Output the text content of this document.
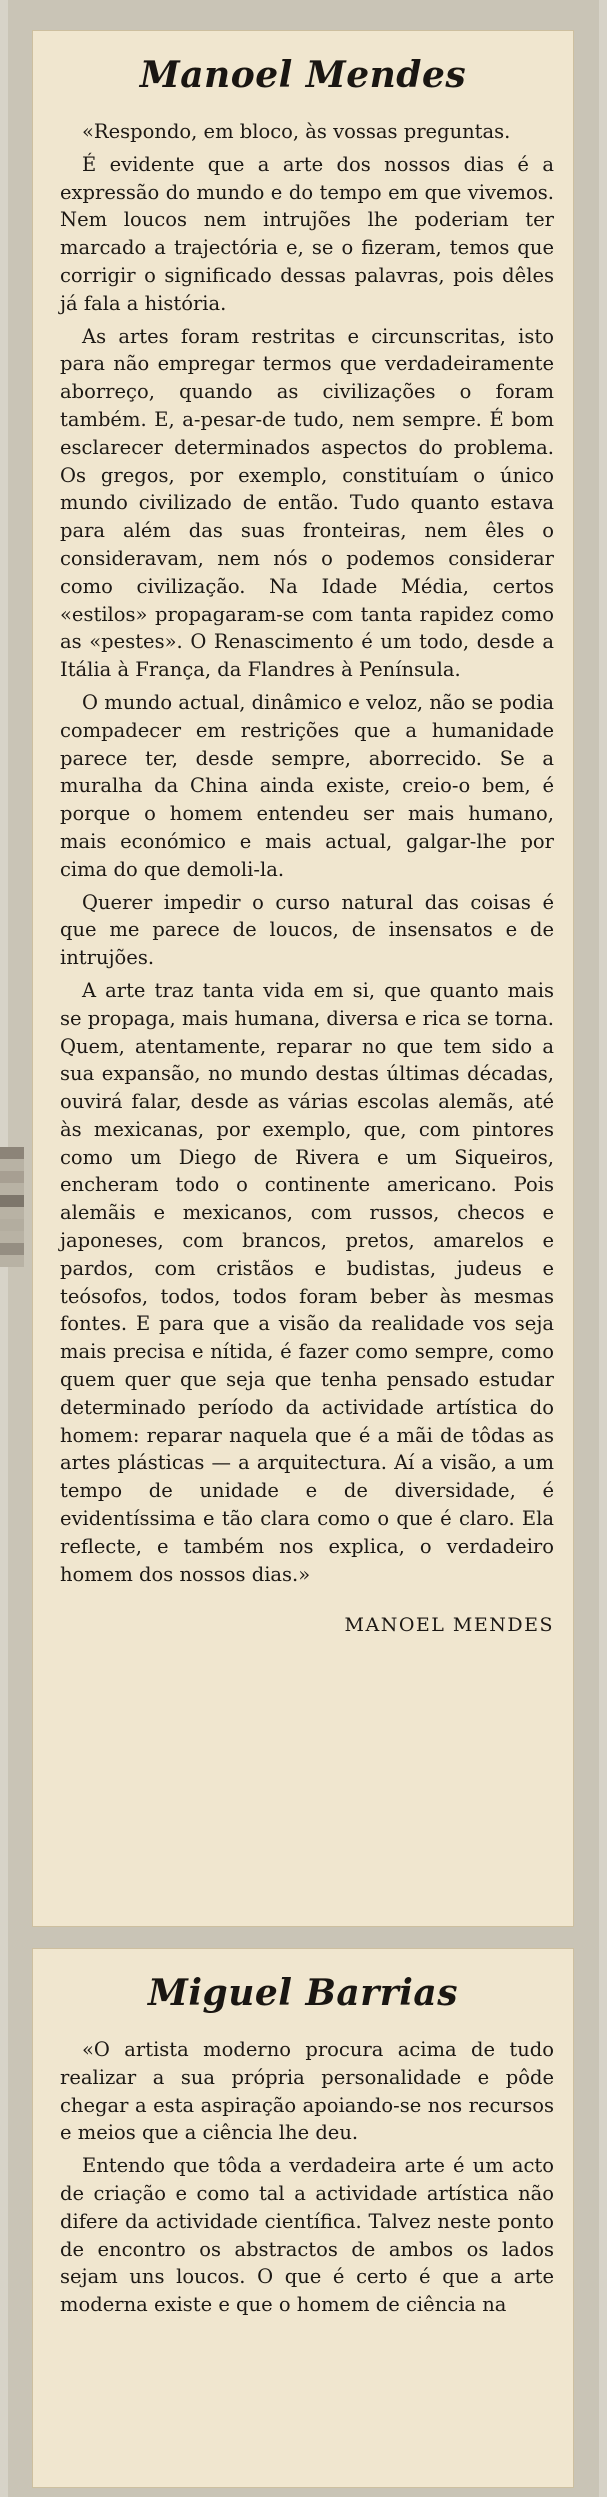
Manoel Mendes

«Respondo, em bloco, às vossas preguntas.

É evidente que a arte dos nossos dias é a expressão do mundo e do tempo em que vivemos. Nem loucos nem intrujões lhe poderiam ter marcado a trajectória e, se o fizeram, temos que corrigir o significado dessas palavras, pois dêles já fala a história.

As artes foram restritas e circunscritas, isto para não empregar termos que verdadeiramente aborreço, quando as civilizações o foram também. E, a-pesar-de tudo, nem sempre. É bom esclarecer determinados aspectos do problema. Os gregos, por exemplo, constituíam o único mundo civilizado de então. Tudo quanto estava para além das suas fronteiras, nem êles o consideravam, nem nós o podemos considerar como civilização. Na Idade Média, certos «estilos» propagaram-se com tanta rapidez como as «pestes». O Renascimento é um todo, desde a Itália à França, da Flandres à Península.

O mundo actual, dinâmico e veloz, não se podia compadecer em restrições que a humanidade parece ter, desde sempre, aborrecido. Se a muralha da China ainda existe, creio-o bem, é porque o homem entendeu ser mais humano, mais económico e mais actual, galgar-lhe por cima do que demoli-la.

Querer impedir o curso natural das coisas é que me parece de loucos, de insensatos e de intrujões.

A arte traz tanta vida em si, que quanto mais se propaga, mais humana, diversa e rica se torna. Quem, atentamente, reparar no que tem sido a sua expansão, no mundo destas últimas décadas, ouvirá falar, desde as várias escolas alemãs, até às mexicanas, por exemplo, que, com pintores como um Diego de Rivera e um Siqueiros, encheram todo o continente americano. Pois alemãis e mexicanos, com russos, checos e japoneses, com brancos, pretos, amarelos e pardos, com cristãos e budistas, judeus e teósofos, todos, todos foram beber às mesmas fontes. E para que a visão da realidade vos seja mais precisa e nítida, é fazer como sempre, como quem quer que seja que tenha pensado estudar determinado período da actividade artística do homem: reparar naquela que é a mãi de tôdas as artes plásticas — a arquitectura. Aí a visão, a um tempo de unidade e de diversidade, é evidentíssima e tão clara como o que é claro. Ela reflecte, e também nos explica, o verdadeiro homem dos nossos dias.»

MANOEL MENDES
Miguel Barrias

«O artista moderno procura acima de tudo realizar a sua própria personalidade e pôde chegar a esta aspiração apoiando-se nos recursos e meios que a ciência lhe deu.

Entendo que tôda a verdadeira arte é um acto de criação e como tal a actividade artística não difere da actividade científica. Talvez neste ponto de encontro os abstractos de ambos os lados sejam uns loucos. O que é certo é que a arte moderna existe e que o homem de ciência na
